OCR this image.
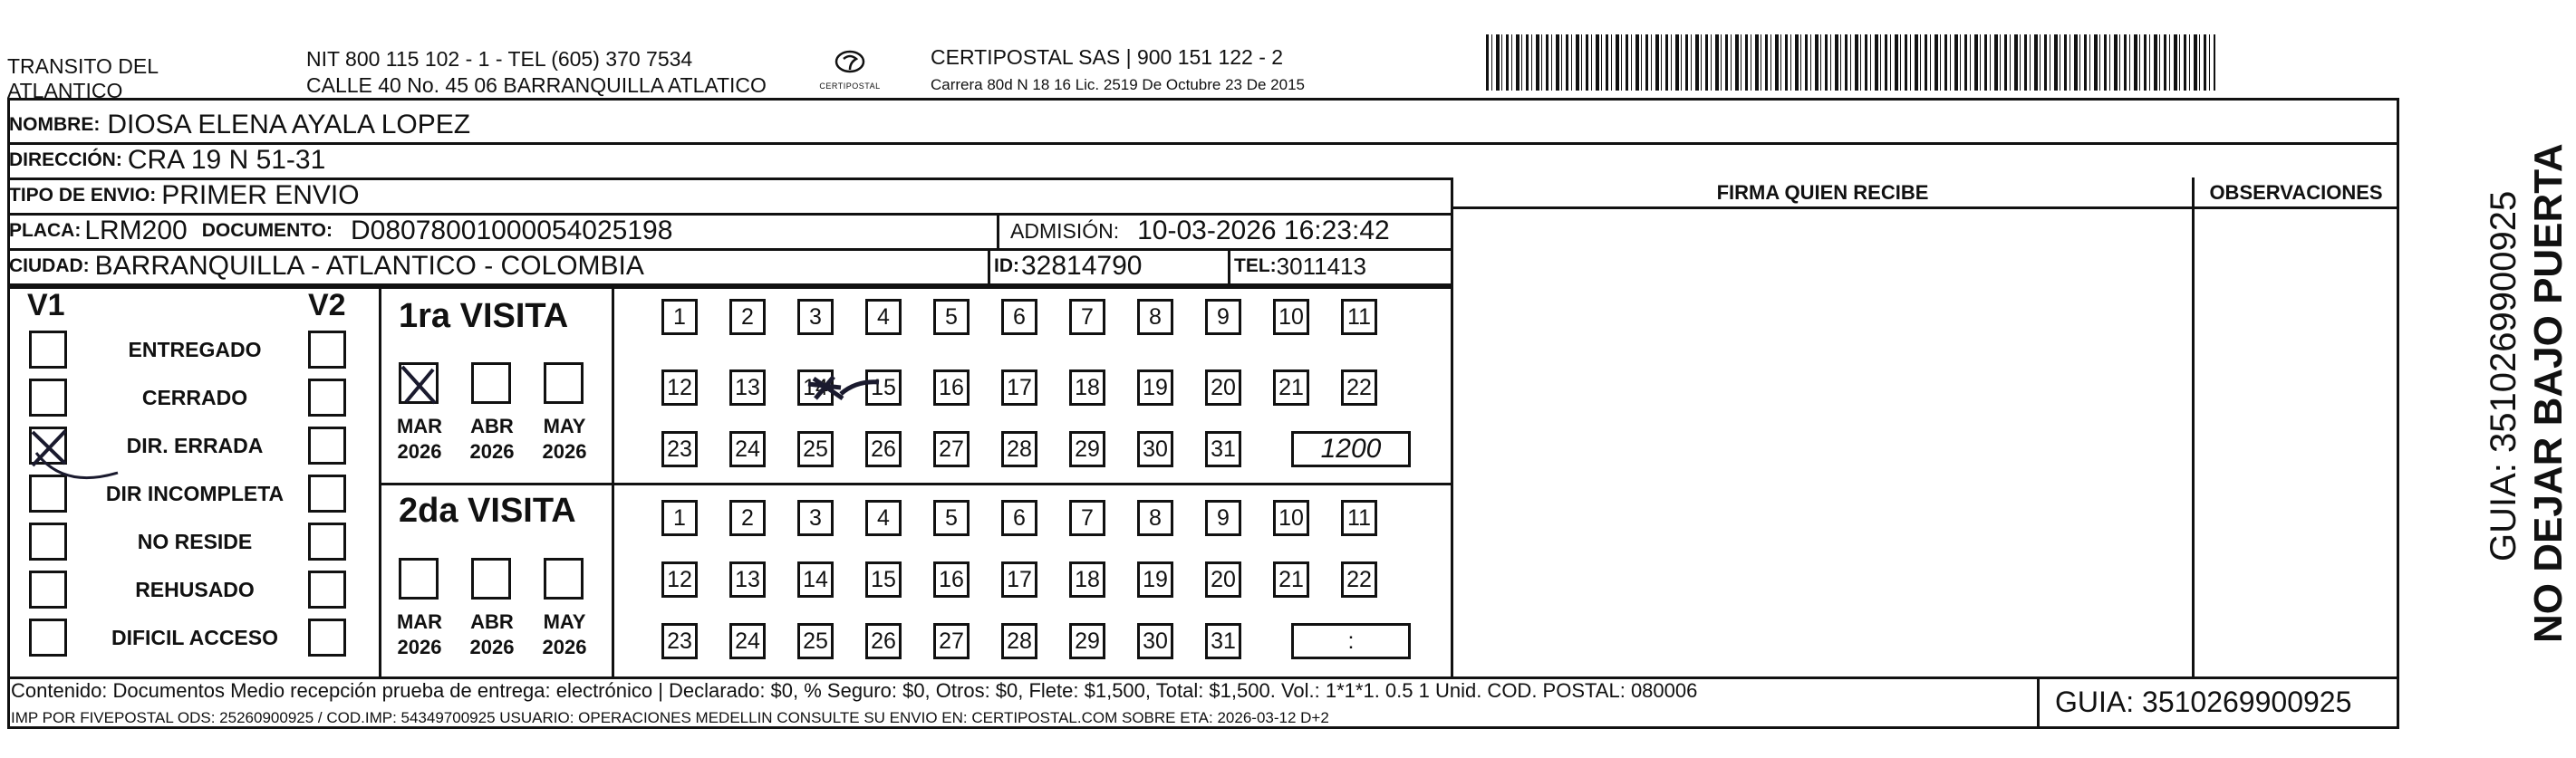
TRANSITO DEL
ATLANTICO
NIT 800 115 102 - 1 - TEL (605) 370 7534
CALLE 40 No. 45 06 BARRANQUILLA ATLATICO	CERTIPOSTAL
CERTIPOSTAL SAS | 900 151 122 - 2
Carrera 80d N 18 16 Lic. 2519 De Octubre 23 De 2015
NOMBRE: DIOSA ELENA AYALA LOPEZ
DIRECCIÓN: CRA 19 N 51-31
TIPO DE ENVIO: PRIMER ENVIO
PLACA: LRM200 DOCUMENTO: D08078001000054025198	ADMISIÓN: 10-03-2026 16:23:42
CIUDAD: BARRANQUILLA - ATLANTICO - COLOMBIA	ID: 32814790	TEL: 3011413
FIRMA QUIEN RECIBE	OBSERVACIONES
V1	V2
ENTREGADO
CERRADO
DIR. ERRADA
DIR INCOMPLETA
NO RESIDE
REHUSADO
DIFICIL ACCESO
1ra VISITA
2da VISITA
MAR
2026
ABR
2026
MAY
2026
1	2	3	4	5	6	7	8	9	10 11
12 13 14 15 16 17 18 19 20 21 22
23 24 25 26 27 28 29 30 31	1200
MAR
2026
ABR
2026
MAY
2026
1	2	3	4	5	6	7	8	9	10 11
12 13 14 15 16 17 18 19 20 21 22
23 24 25 26 27 28 29 30 31	:
Contenido: Documentos Medio recepción prueba de entrega: electrónico | Declarado: $0, % Seguro: $0, Otros: $0, Flete: $1,500, Total: $1,500. Vol.: 1*1*1. 0.5 1 Unid. COD. POSTAL: 080006
IMP POR FIVEPOSTAL ODS: 25260900925 / COD.IMP: 54349700925 USUARIO: OPERACIONES MEDELLIN CONSULTE SU ENVIO EN: CERTIPOSTAL.COM SOBRE ETA: 2026-03-12 D+2	GUIA: 3510269900925
NO DEJAR BAJO PUERTA
GUIA: 3510269900925
